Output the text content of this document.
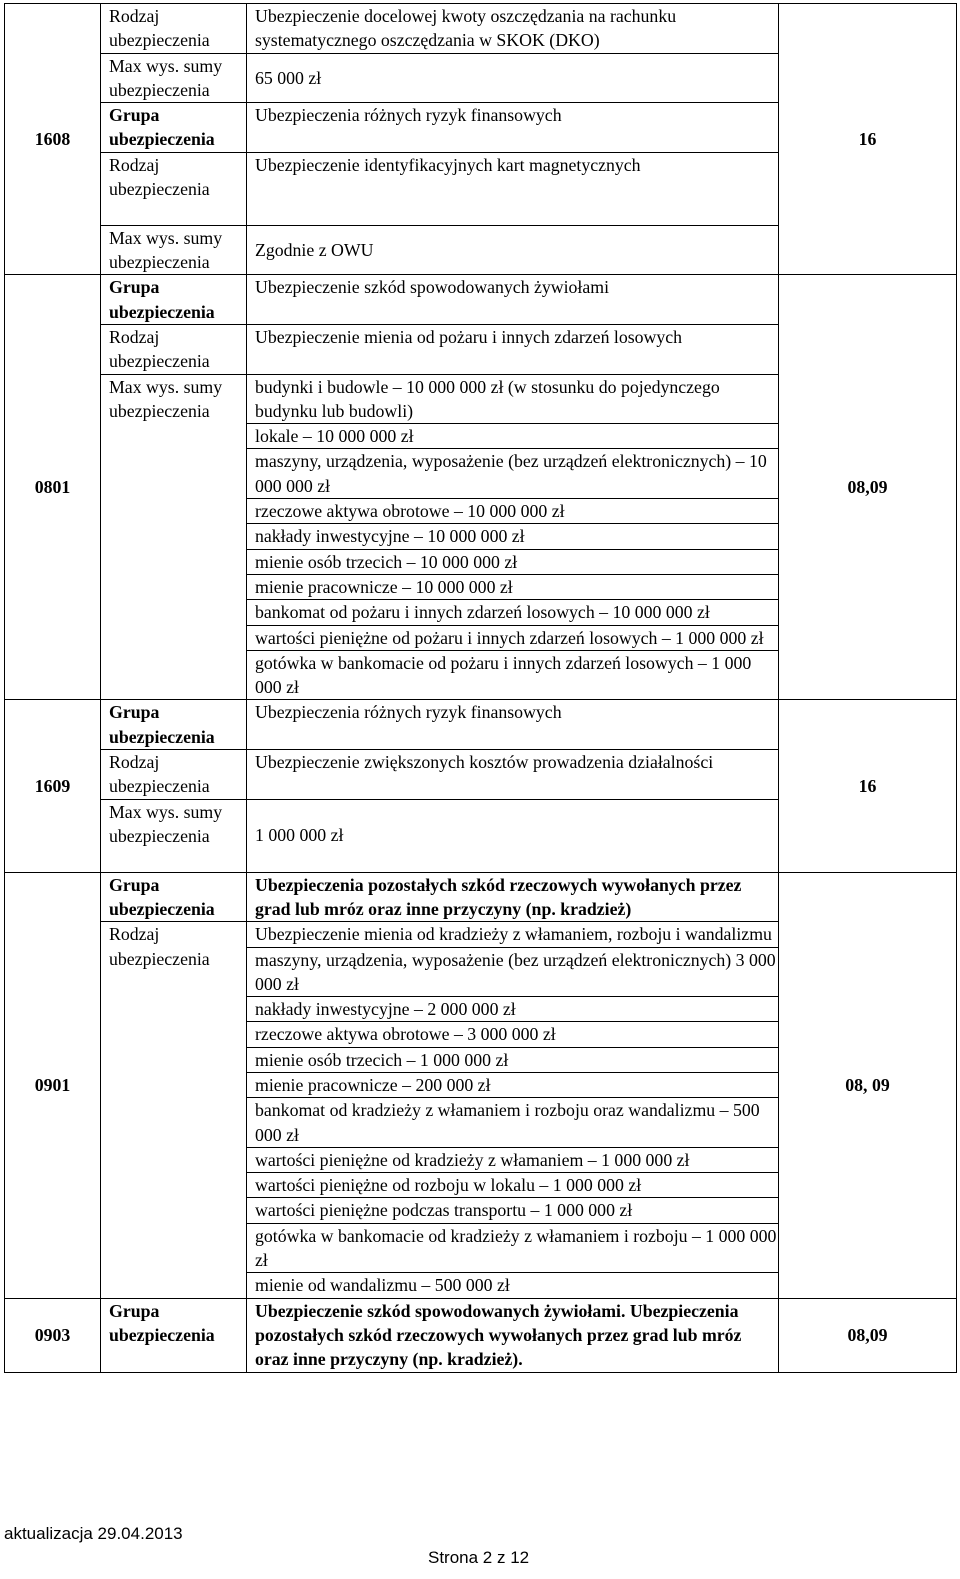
1608	Rodzaj ubezpieczenia	Ubezpieczenie docelowej kwoty oszczędzania na rachunku systematycznego oszczędzania w SKOK (DKO)	16
	Max wys. sumy ubezpieczenia	65 000 zł	
	Grupa ubezpieczenia	Ubezpieczenia różnych ryzyk finansowych	
	Rodzaj ubezpieczenia	Ubezpieczenie identyfikacyjnych kart magnetycznych	
	Max wys. sumy ubezpieczenia	Zgodnie z OWU	
0801	Grupa ubezpieczenia	Ubezpieczenie szkód spowodowanych żywiołami	08,09
	Rodzaj ubezpieczenia	Ubezpieczenie mienia od pożaru i innych zdarzeń losowych	
	Max wys. sumy ubezpieczenia	budynki i budowle – 10 000 000 zł (w stosunku do pojedynczego budynku lub budowli)	
		lokale – 10 000 000 zł	
		maszyny, urządzenia, wyposażenie (bez urządzeń elektronicznych) – 10 000 000 zł	
		rzeczowe aktywa obrotowe – 10 000 000 zł	
		nakłady inwestycyjne – 10 000 000 zł	
		mienie osób trzecich – 10 000 000 zł	
		mienie pracownicze – 10 000 000 zł	
		bankomat od pożaru i innych zdarzeń losowych – 10 000 000 zł	
		wartości pieniężne od pożaru i innych zdarzeń losowych – 1 000 000 zł	
		gotówka w bankomacie od pożaru i innych zdarzeń losowych – 1 000 000 zł	
1609	Grupa ubezpieczenia	Ubezpieczenia różnych ryzyk finansowych	16
	Rodzaj ubezpieczenia	Ubezpieczenie zwiększonych kosztów prowadzenia działalności	
	Max wys. sumy ubezpieczenia	1 000 000 zł	
0901	Grupa ubezpieczenia	Ubezpieczenia pozostałych szkód rzeczowych wywołanych przez grad lub mróz oraz inne przyczyny (np. kradzież)	08, 09
	Rodzaj ubezpieczenia	Ubezpieczenie mienia od kradzieży z włamaniem, rozboju i wandalizmu	
		maszyny, urządzenia, wyposażenie (bez urządzeń elektronicznych) 3 000 000 zł	
		nakłady inwestycyjne – 2 000 000 zł	
		rzeczowe aktywa obrotowe – 3 000 000 zł	
		mienie osób trzecich – 1 000 000 zł	
		mienie pracownicze – 200 000 zł	
		bankomat od kradzieży z włamaniem i rozboju oraz wandalizmu – 500 000 zł	
		wartości pieniężne od kradzieży z włamaniem – 1 000 000 zł	
		wartości pieniężne od rozboju w lokalu – 1 000 000 zł	
		wartości pieniężne podczas transportu – 1 000 000 zł	
		gotówka w bankomacie od kradzieży z włamaniem i rozboju – 1 000 000 zł	
		mienie od wandalizmu – 500 000 zł	
0903	Grupa ubezpieczenia	Ubezpieczenie szkód spowodowanych żywiołami. Ubezpieczenia pozostałych szkód rzeczowych wywołanych przez grad lub mróz oraz inne przyczyny (np. kradzież).	08,09
aktualizacja 29.04.2013
Strona 2 z 12
